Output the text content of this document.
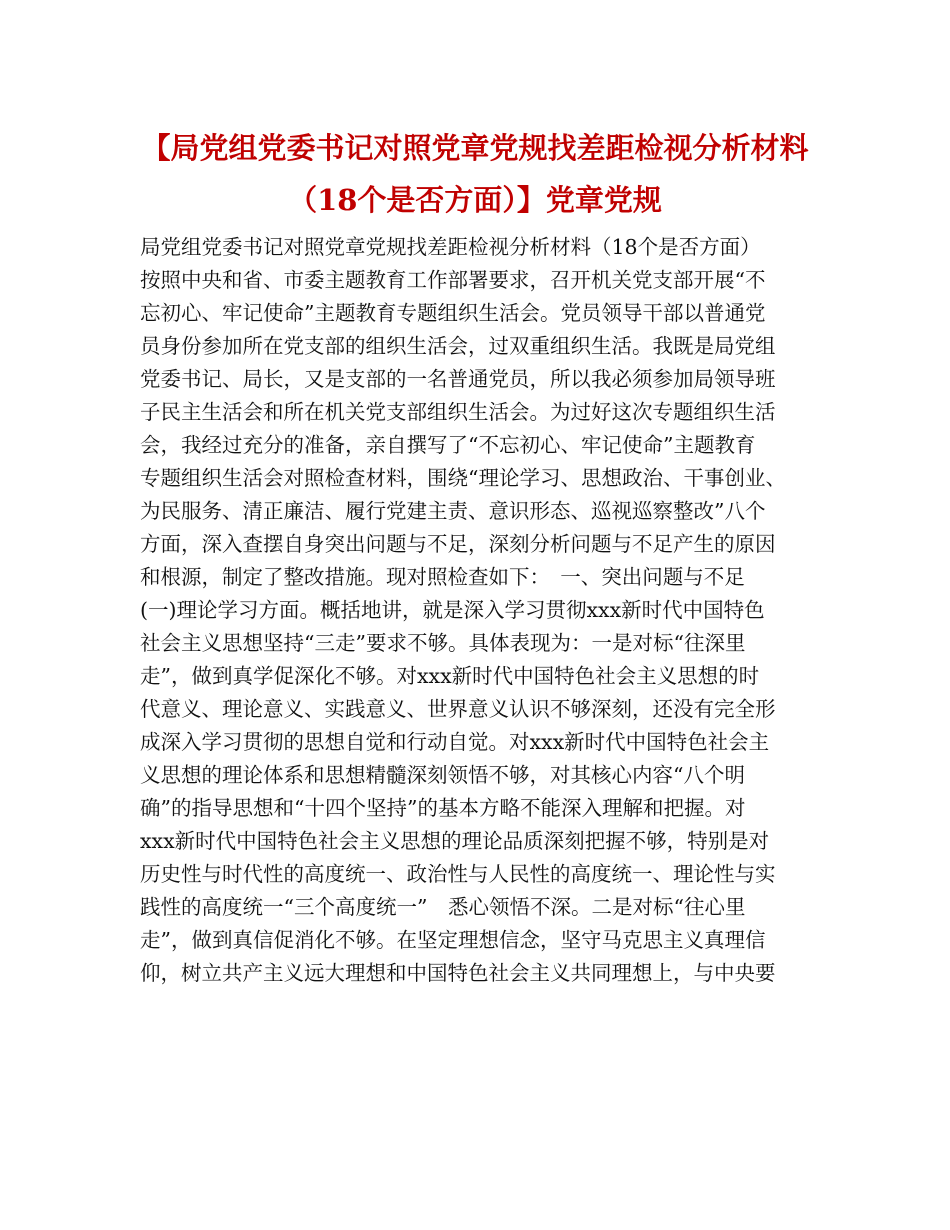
【局党组党委书记对照党章党规找差距检视分析材料
（18个是否方面）】党章党规
局党组党委书记对照党章党规找差距检视分析材料（18个是否方面）
按照中央和省、市委主题教育工作部署要求，召开机关党支部开展“不
忘初心、牢记使命”主题教育专题组织生活会。党员领导干部以普通党
员身份参加所在党支部的组织生活会，过双重组织生活。我既是局党组
党委书记、局长，又是支部的一名普通党员，所以我必须参加局领导班
子民主生活会和所在机关党支部组织生活会。为过好这次专题组织生活
会，我经过充分的准备，亲自撰写了“不忘初心、牢记使命”主题教育
专题组织生活会对照检查材料，围绕“理论学习、思想政治、干事创业、
为民服务、清正廉洁、履行党建主责、意识形态、巡视巡察整改”八个
方面，深入查摆自身突出问题与不足，深刻分析问题与不足产生的原因
和根源，制定了整改措施。现对照检查如下：　一、突出问题与不足
(一)理论学习方面。概括地讲，就是深入学习贯彻xxx新时代中国特色
社会主义思想坚持“三走”要求不够。具体表现为：一是对标“往深里
走”，做到真学促深化不够。对xxx新时代中国特色社会主义思想的时
代意义、理论意义、实践意义、世界意义认识不够深刻，还没有完全形
成深入学习贯彻的思想自觉和行动自觉。对xxx新时代中国特色社会主
义思想的理论体系和思想精髓深刻领悟不够，对其核心内容“八个明
确”的指导思想和“十四个坚持”的基本方略不能深入理解和把握。对
xxx新时代中国特色社会主义思想的理论品质深刻把握不够，特别是对
历史性与时代性的高度统一、政治性与人民性的高度统一、理论性与实
践性的高度统一“三个高度统一”　悉心领悟不深。二是对标“往心里
走”，做到真信促消化不够。在坚定理想信念，坚守马克思主义真理信
仰，树立共产主义远大理想和中国特色社会主义共同理想上，与中央要
